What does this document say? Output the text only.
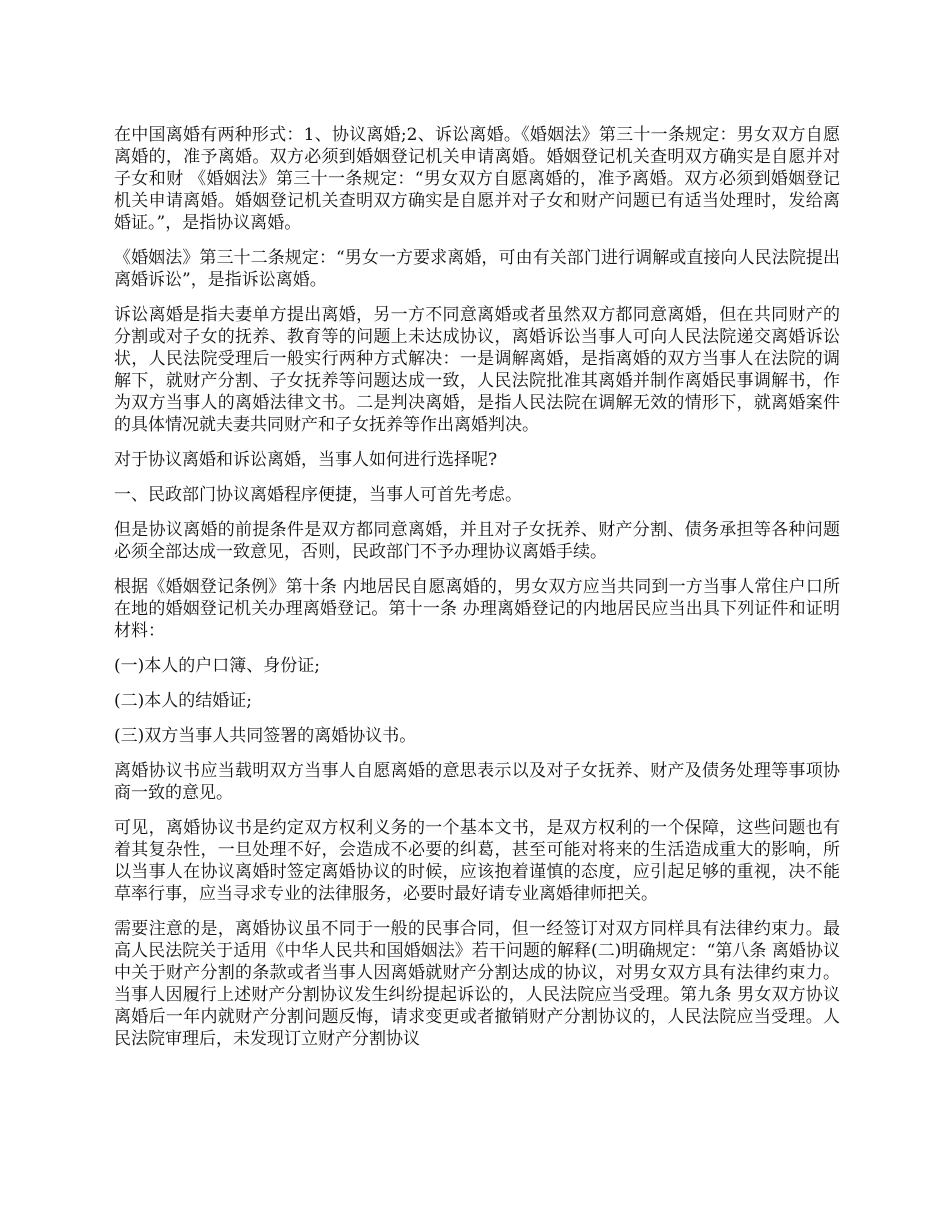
在中国离婚有两种形式：1、协议离婚;2、诉讼离婚。《婚姻法》第三十一条规定：男女双方自愿离婚的，准予离婚。双方必须到婚姻登记机关申请离婚。婚姻登记机关查明双方确实是自愿并对子女和财 《婚姻法》第三十一条规定：“男女双方自愿离婚的，准予离婚。双方必须到婚姻登记机关申请离婚。婚姻登记机关查明双方确实是自愿并对子女和财产问题已有适当处理时，发给离婚证。”，是指协议离婚。

《婚姻法》第三十二条规定：“男女一方要求离婚，可由有关部门进行调解或直接向人民法院提出离婚诉讼”，是指诉讼离婚。

诉讼离婚是指夫妻单方提出离婚，另一方不同意离婚或者虽然双方都同意离婚，但在共同财产的分割或对子女的抚养、教育等的问题上未达成协议，离婚诉讼当事人可向人民法院递交离婚诉讼状，人民法院受理后一般实行两种方式解决：一是调解离婚，是指离婚的双方当事人在法院的调解下，就财产分割、子女抚养等问题达成一致，人民法院批准其离婚并制作离婚民事调解书，作为双方当事人的离婚法律文书。二是判决离婚，是指人民法院在调解无效的情形下，就离婚案件的具体情况就夫妻共同财产和子女抚养等作出离婚判决。

对于协议离婚和诉讼离婚，当事人如何进行选择呢?

一、民政部门协议离婚程序便捷，当事人可首先考虑。

但是协议离婚的前提条件是双方都同意离婚，并且对子女抚养、财产分割、债务承担等各种问题必须全部达成一致意见，否则，民政部门不予办理协议离婚手续。

根据《婚姻登记条例》第十条 内地居民自愿离婚的，男女双方应当共同到一方当事人常住户口所在地的婚姻登记机关办理离婚登记。第十一条 办理离婚登记的内地居民应当出具下列证件和证明材料：

(一)本人的户口簿、身份证;

(二)本人的结婚证;

(三)双方当事人共同签署的离婚协议书。

离婚协议书应当载明双方当事人自愿离婚的意思表示以及对子女抚养、财产及债务处理等事项协商一致的意见。

可见，离婚协议书是约定双方权利义务的一个基本文书，是双方权利的一个保障，这些问题也有着其复杂性，一旦处理不好，会造成不必要的纠葛，甚至可能对将来的生活造成重大的影响，所以当事人在协议离婚时签定离婚协议的时候，应该抱着谨慎的态度，应引起足够的重视，决不能草率行事，应当寻求专业的法律服务，必要时最好请专业离婚律师把关。

需要注意的是，离婚协议虽不同于一般的民事合同，但一经签订对双方同样具有法律约束力。最高人民法院关于适用《中华人民共和国婚姻法》若干问题的解释(二)明确规定：“第八条 离婚协议中关于财产分割的条款或者当事人因离婚就财产分割达成的协议，对男女双方具有法律约束力。 当事人因履行上述财产分割协议发生纠纷提起诉讼的，人民法院应当受理。第九条 男女双方协议离婚后一年内就财产分割问题反悔，请求变更或者撤销财产分割协议的，人民法院应当受理。人民法院审理后，未发现订立财产分割协议
